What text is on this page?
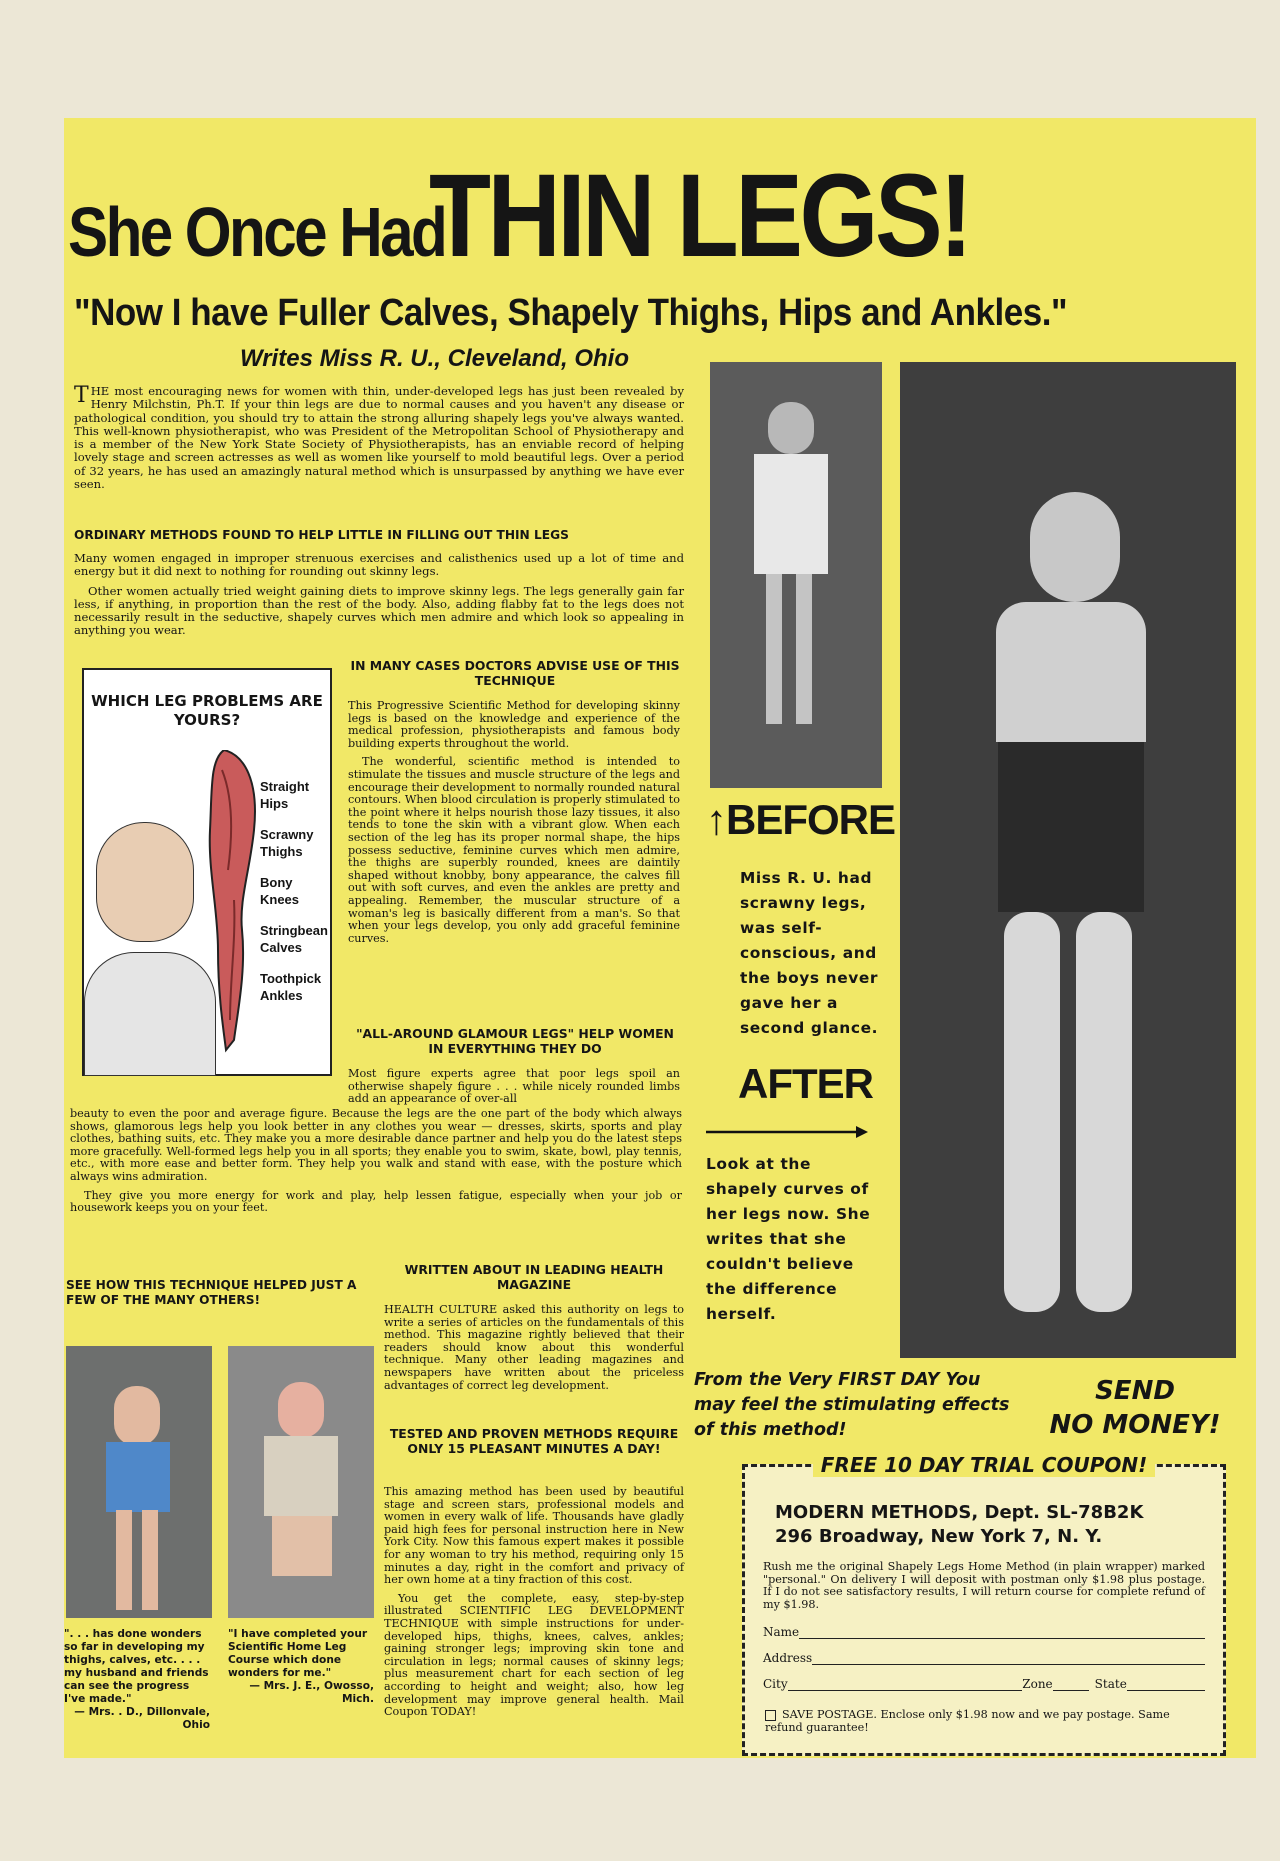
She Once HadTHIN LEGS!
"Now I have Fuller Calves, Shapely Thighs, Hips and Ankles."
Writes Miss R. U., Cleveland, Ohio
THE most encouraging news for women with thin, under-developed legs has just been revealed by Henry Milchstin, Ph.T. If your thin legs are due to normal causes and you haven't any disease or pathological condition, you should try to attain the strong alluring shapely legs you've always wanted. This well-known physiotherapist, who was President of the Metropolitan School of Physiotherapy and is a member of the New York State Society of Physiotherapists, has an enviable record of helping lovely stage and screen actresses as well as women like yourself to mold beautiful legs. Over a period of 32 years, he has used an amazingly natural method which is unsurpassed by anything we have ever seen.
ORDINARY METHODS FOUND TO HELP LITTLE IN FILLING OUT THIN LEGS

Many women engaged in improper strenuous exercises and calisthenics used up a lot of time and energy but it did next to nothing for rounding out skinny legs.

Other women actually tried weight gaining diets to improve skinny legs. The legs generally gain far less, if anything, in proportion than the rest of the body. Also, adding flabby fat to the legs does not necessarily result in the seductive, shapely curves which men admire and which look so appealing in anything you wear.

WHICH LEG PROBLEMS ARE YOURS?
Straight
Hips
Scrawny
Thighs
Bony
Knees
Stringbean
Calves
Toothpick
Ankles
IN MANY CASES DOCTORS ADVISE USE OF THIS TECHNIQUE

This Progressive Scientific Method for developing skinny legs is based on the knowledge and experience of the medical profession, physiotherapists and famous body building experts throughout the world.

The wonderful, scientific method is intended to stimulate the tissues and muscle structure of the legs and encourage their development to normally rounded natural contours. When blood circulation is properly stimulated to the point where it helps nourish those lazy tissues, it also tends to tone the skin with a vibrant glow. When each section of the leg has its proper normal shape, the hips possess seductive, feminine curves which men admire, the thighs are superbly rounded, knees are daintily shaped without knobby, bony appearance, the calves fill out with soft curves, and even the ankles are pretty and appealing. Remember, the muscular structure of a woman's leg is basically different from a man's. So that when your legs develop, you only add graceful feminine curves.

"ALL-AROUND GLAMOUR LEGS" HELP WOMEN IN EVERYTHING THEY DO
Most figure experts agree that poor legs spoil an otherwise shapely figure . . . while nicely rounded limbs add an appearance of over-all

beauty to even the poor and average figure. Because the legs are the one part of the body which always shows, glamorous legs help you look better in any clothes you wear — dresses, skirts, sports and play clothes, bathing suits, etc. They make you a more desirable dance partner and help you do the latest steps more gracefully. Well-formed legs help you in all sports; they enable you to swim, skate, bowl, play tennis, etc., with more ease and better form. They help you walk and stand with ease, with the posture which always wins admiration.

They give you more energy for work and play, help lessen fatigue, especially when your job or housework keeps you on your feet.

SEE HOW THIS TECHNIQUE HELPED JUST A FEW OF THE MANY OTHERS!
". . . has done wonders so far in developing my thighs, calves, etc. . . . my husband and friends can see the progress I've made."
— Mrs. . D., Dillonvale, Ohio
"I have completed your Scientific Home Leg Course which done wonders for me."
— Mrs. J. E., Owosso, Mich.
WRITTEN ABOUT IN LEADING HEALTH MAGAZINE

HEALTH CULTURE asked this authority on legs to write a series of articles on the fundamentals of this method. This magazine rightly believed that their readers should know about this wonderful technique. Many other leading magazines and newspapers have written about the priceless advantages of correct leg development.

TESTED AND PROVEN METHODS REQUIRE ONLY 15 PLEASANT MINUTES A DAY!

This amazing method has been used by beautiful stage and screen stars, professional models and women in every walk of life. Thousands have gladly paid high fees for personal instruction here in New York City. Now this famous expert makes it possible for any woman to try his method, requiring only 15 minutes a day, right in the comfort and privacy of her own home at a tiny fraction of this cost.

You get the complete, easy, step-by-step illustrated SCIENTIFIC LEG DEVELOPMENT TECHNIQUE with simple instructions for under-developed hips, thighs, knees, calves, ankles; gaining stronger legs; improving skin tone and circulation in legs; normal causes of skinny legs; plus measurement chart for each section of leg according to height and weight; also, how leg development may improve general health. Mail Coupon TODAY!

↑BEFORE
Miss R. U. had scrawny legs, was self-conscious, and the boys never gave her a second glance.
AFTER
Look at the shapely curves of her legs now. She writes that she couldn't believe the difference herself.
From the Very FIRST DAY You may feel the stimulating effects of this method!
SEND
NO MONEY!
FREE 10 DAY TRIAL COUPON!
MODERN METHODS, Dept. SL-78B2K
296 Broadway, New York 7, N. Y.
Rush me the original Shapely Legs Home Method (in plain wrapper) marked "personal." On delivery I will deposit with postman only $1.98 plus postage. If I do not see satisfactory results, I will return course for complete refund of my $1.98.
Name
Address
City	Zone	State
SAVE POSTAGE. Enclose only $1.98 now and we pay postage. Same refund guarantee!
